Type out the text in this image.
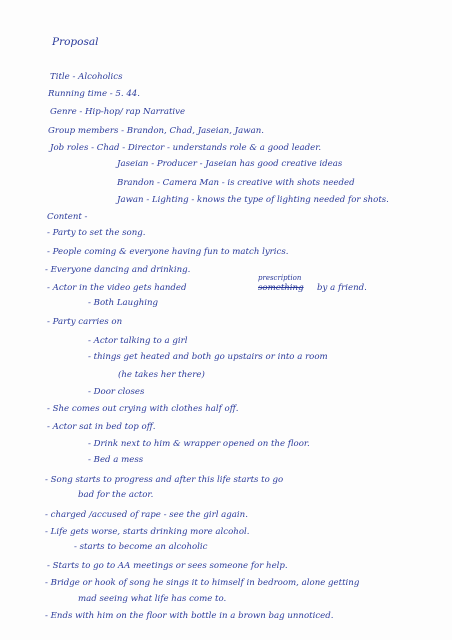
Proposal
Title - Alcoholics
Running time - 5. 44.
Genre - Hip-hop/ rap Narrative
Group members - Brandon, Chad, Jaseian, Jawan.
Job roles - Chad - Director - understands role & a good leader.
Jaseian - Producer - Jaseian has good creative ideas
Brandon - Camera Man - is creative with shots needed
Jawan - Lighting - knows the type of lighting needed for shots.
Content -
- Party to set the song.
- People coming & everyone having fun to match lyrics.
- Everyone dancing and drinking.
- Actor in the video gets handed
prescription
something by a friend.
- Both Laughing
- Party carries on
- Actor talking to a girl
- things get heated and both go upstairs or into a room
(he takes her there)
- Door closes
- She comes out crying with clothes half off.
- Actor sat in bed top off.
- Drink next to him & wrapper opened on the floor.
- Bed a mess
- Song starts to progress and after this life starts to go
bad for the actor.
- charged /accused of rape - see the girl again.
- Life gets worse, starts drinking more alcohol.
- starts to become an alcoholic
- Starts to go to AA meetings or sees someone for help.
- Bridge or hook of song he sings it to himself in bedroom, alone getting
mad seeing what life has come to.
- Ends with him on the floor with bottle in a brown bag unnoticed.
